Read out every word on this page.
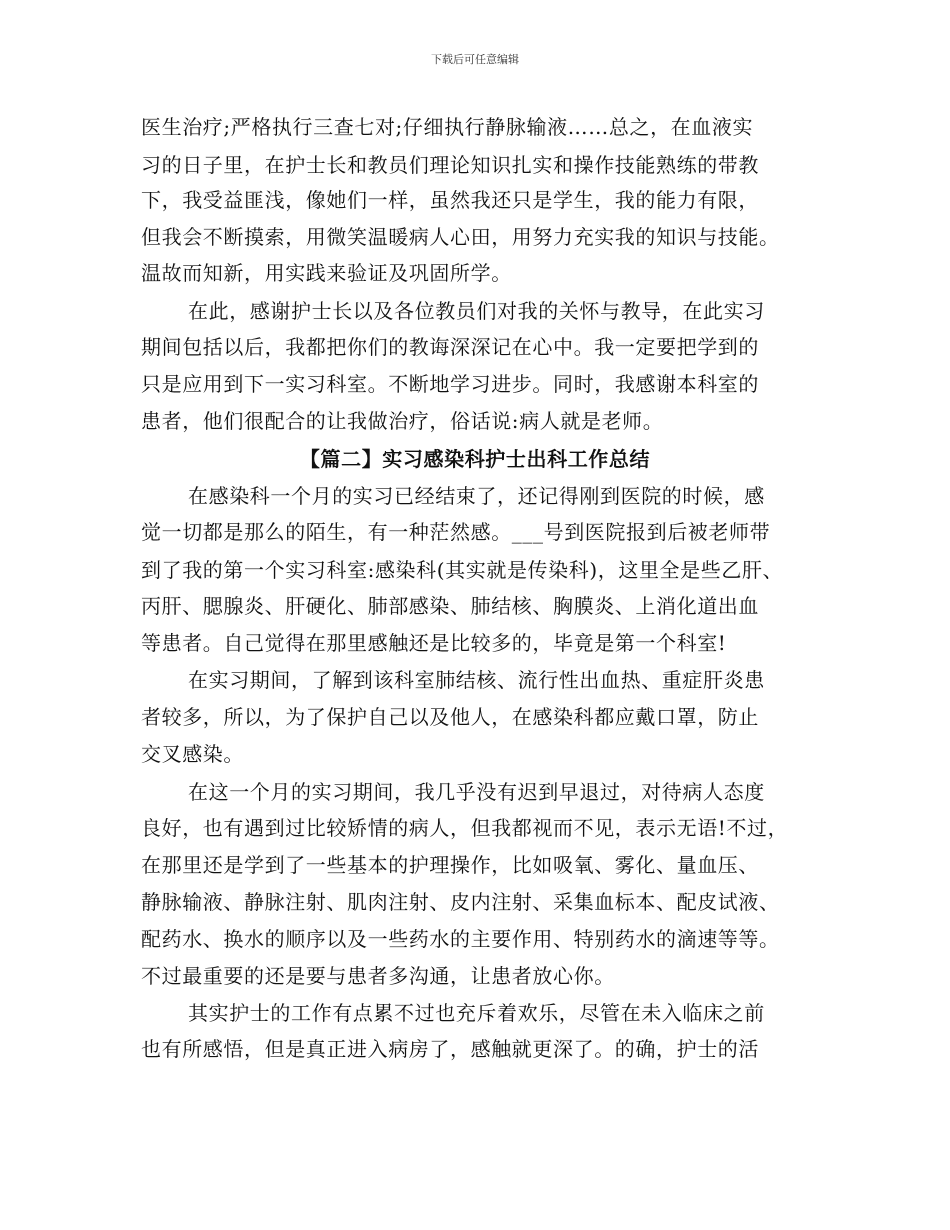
下载后可任意编辑
医生治疗;严格执行三查七对;仔细执行静脉输液……总之，在血液实
习的日子里，在护士长和教员们理论知识扎实和操作技能熟练的带教
下，我受益匪浅，像她们一样，虽然我还只是学生，我的能力有限，
但我会不断摸索，用微笑温暖病人心田，用努力充实我的知识与技能。
温故而知新，用实践来验证及巩固所学。
在此，感谢护士长以及各位教员们对我的关怀与教导，在此实习
期间包括以后，我都把你们的教诲深深记在心中。我一定要把学到的
只是应用到下一实习科室。不断地学习进步。同时，我感谢本科室的
患者，他们很配合的让我做治疗，俗话说:病人就是老师。
【篇二】实习感染科护士出科工作总结
在感染科一个月的实习已经结束了，还记得刚到医院的时候，感
觉一切都是那么的陌生，有一种茫然感。___号到医院报到后被老师带
到了我的第一个实习科室:感染科(其实就是传染科)，这里全是些乙肝、
丙肝、腮腺炎、肝硬化、肺部感染、肺结核、胸膜炎、上消化道出血
等患者。自己觉得在那里感触还是比较多的，毕竟是第一个科室!
在实习期间，了解到该科室肺结核、流行性出血热、重症肝炎患
者较多，所以，为了保护自己以及他人，在感染科都应戴口罩，防止
交叉感染。
在这一个月的实习期间，我几乎没有迟到早退过，对待病人态度
良好，也有遇到过比较矫情的病人，但我都视而不见，表示无语!不过，
在那里还是学到了一些基本的护理操作，比如吸氧、雾化、量血压、
静脉输液、静脉注射、肌肉注射、皮内注射、采集血标本、配皮试液、
配药水、换水的顺序以及一些药水的主要作用、特别药水的滴速等等。
不过最重要的还是要与患者多沟通，让患者放心你。
其实护士的工作有点累不过也充斥着欢乐，尽管在未入临床之前
也有所感悟，但是真正进入病房了，感触就更深了。的确，护士的活
